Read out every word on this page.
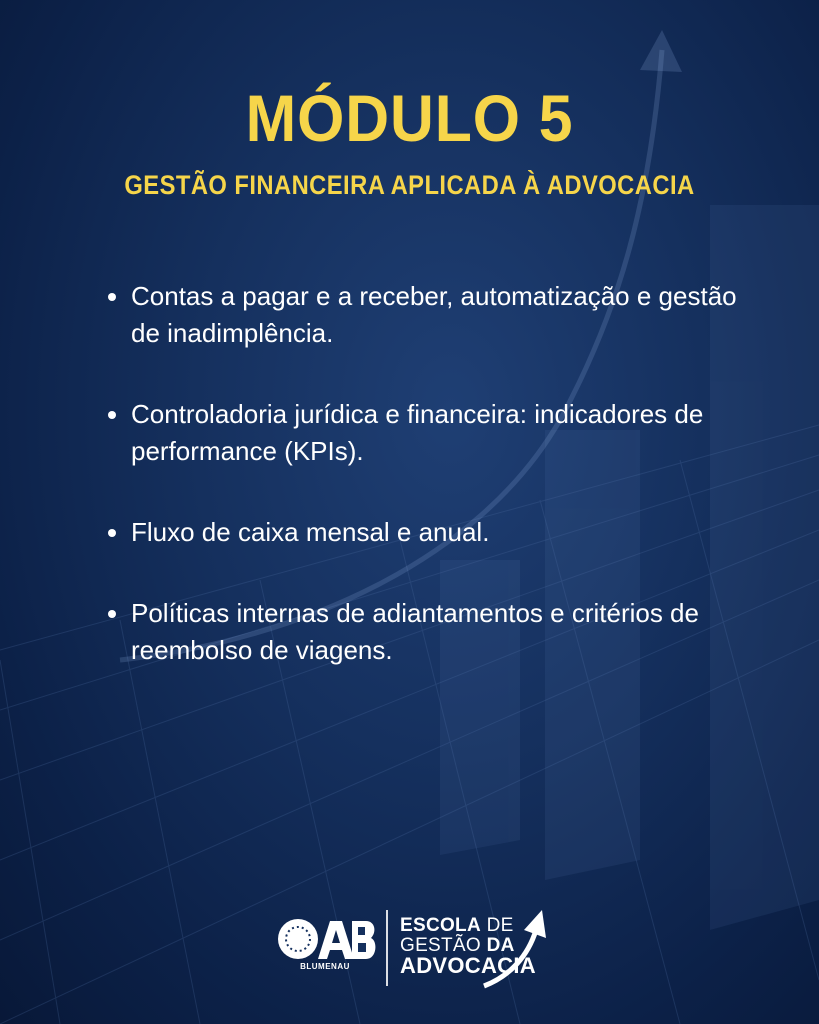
MÓDULO 5
GESTÃO FINANCEIRA APLICADA À ADVOCACIA
Contas a pagar e a receber, automatização e gestão de inadimplência.
Controladoria jurídica e financeira: indicadores de performance (KPIs).
Fluxo de caixa mensal e anual.
Políticas internas de adiantamentos e critérios de reembolso de viagens.
BLUMENAU
ESCOLA DE
GESTÃO DA
ADVOCACIA
